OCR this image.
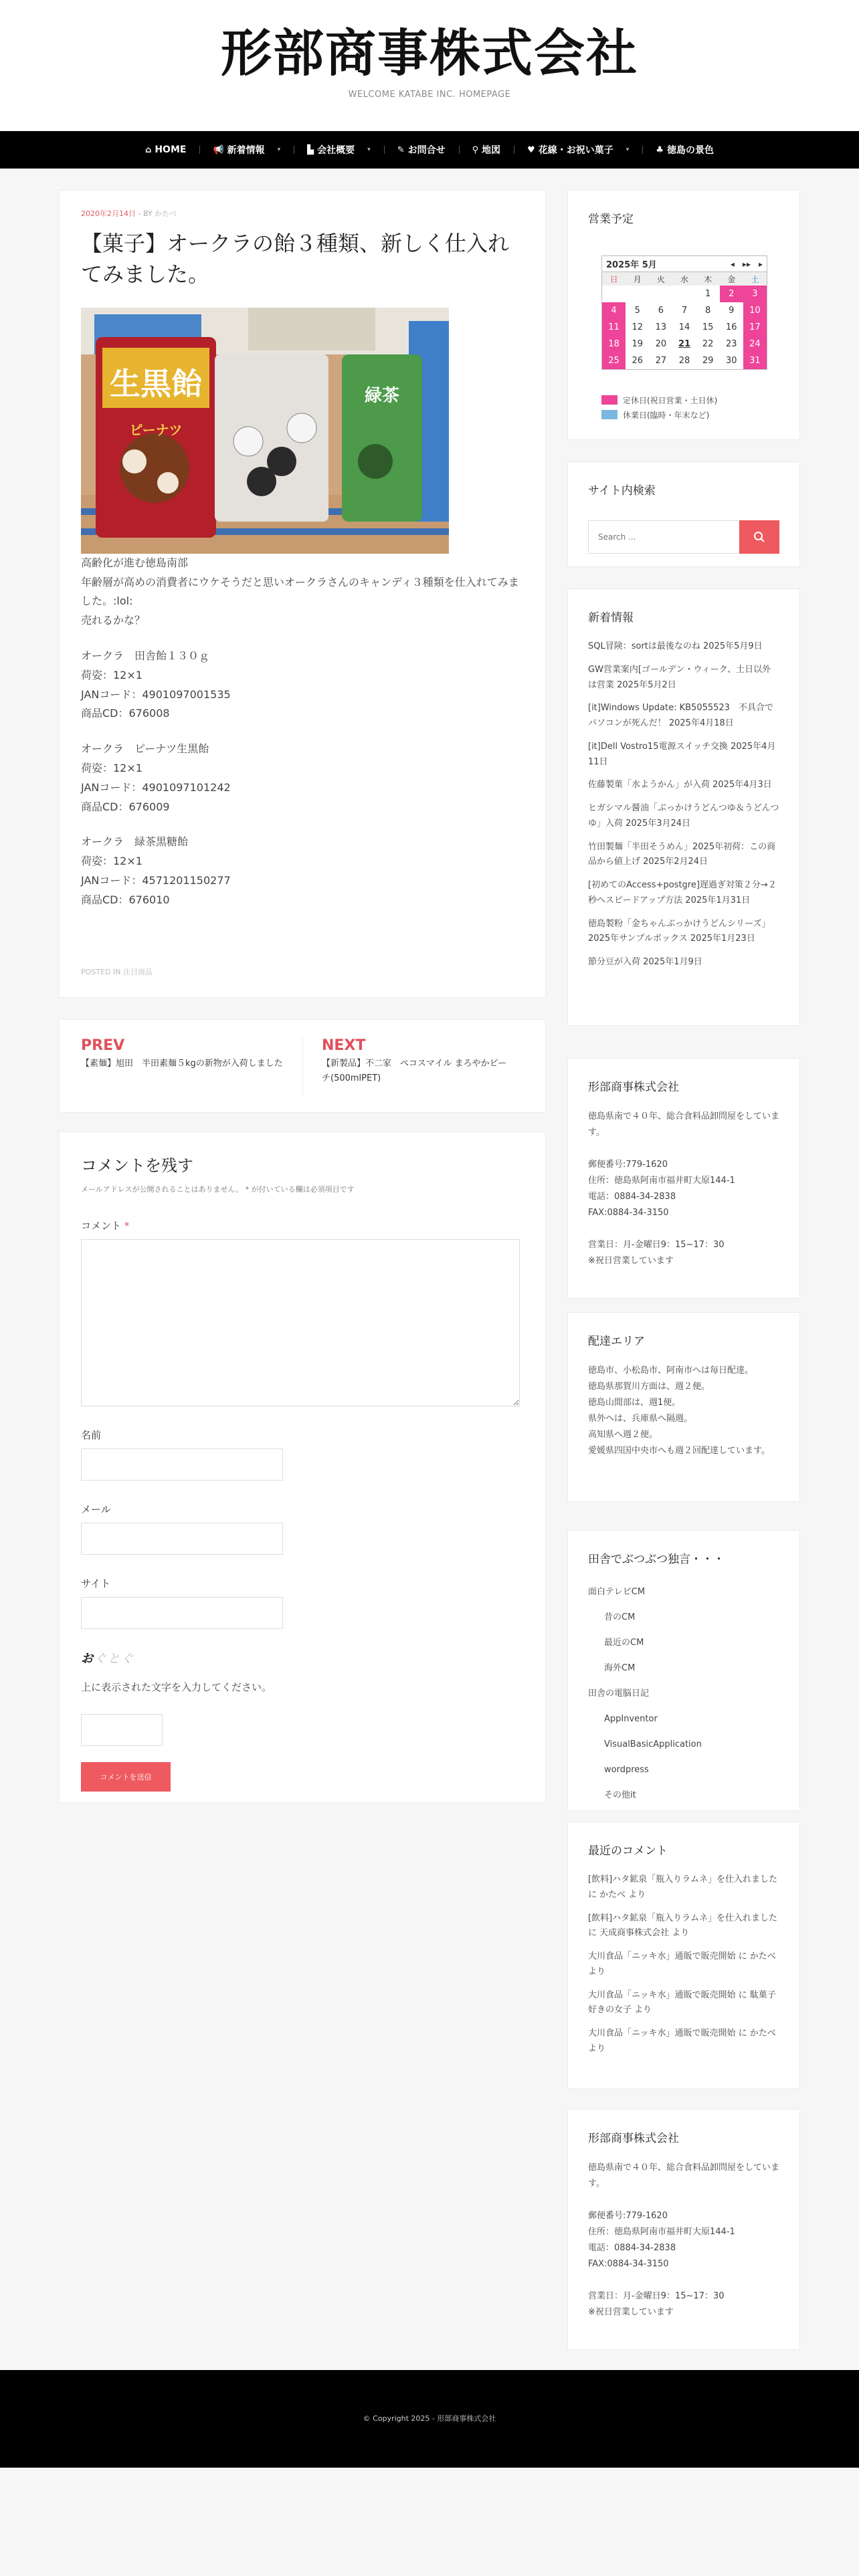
形部商事株式会社
WELCOME KATABE INC. HOMEPAGE
⌂ HOME	📢 新着情報 ▾	▙ 会社概要 ▾	✎ お問合せ	⚲ 地図	♥ 花線・お祝い菓子 ▾	♣ 徳島の景色
2020年2月14日 - BY かたべ
【菓子】オークラの飴３種類、新しく仕入れてみました。
生黒飴
ピーナツ
緑茶

高齢化が進む徳島南部
年齢層が高めの消費者にウケそうだと思いオークラさんのキャンディ３種類を仕入れてみました。:lol:
売れるかな？

オークラ　田舎飴１３０ｇ
荷姿：12×1
JANコード：4901097001535
商品CD：676008

オークラ　ピーナツ生黒飴
荷姿：12×1
JANコード：4901097101242
商品CD：676009

オークラ　緑茶黒糖飴
荷姿：12×1
JANコード：4571201150277
商品CD：676010

POSTED IN 注目商品
PREV
【素麺】旭田　半田素麺５kgの新物が入荷しました
NEXT
【新製品】不二家　ペコスマイル まろやかピーチ(500mlPET)
コメントを残す

メールアドレスが公開されることはありません。 * が付いている欄は必須項目です

コメント *
名前
メール
サイト
おぐとぐ
上に表示された文字を入力してください。
コメントを送信
営業予定
2025年 5月	◂ ▸▸ ▸
日	月	火	水	木	金	土
				1	2	3
4	5	6	7	8	9	10
11	12	13	14	15	16	17
18	19	20	21	22	23	24
25	26	27	28	29	30	31
定休日(祝日営業・土日休)
休業日(臨時・年末など)
サイト内検索
Search ...
新着情報
SQL冒険：sortは最後なのね 2025年5月9日
GW営業案内[ゴールデン・ウィーク、土日以外は営業 2025年5月2日
[it]Windows Update: KB5055523　不具合でパソコンが死んだ！ 2025年4月18日
[it]Dell Vostro15電源スイッチ交換 2025年4月11日
佐藤製菓「水ようかん」が入荷 2025年4月3日
ヒガシマル醤油「ぶっかけうどんつゆ＆うどんつゆ」入荷 2025年3月24日
竹田製麺「半田そうめん」2025年初荷：この商品から値上げ 2025年2月24日
[初めてのAccess+postgre]遅過ぎ対策２分→２秒へスピードアップ方法 2025年1月31日
徳島製粉「金ちゃんぶっかけうどんシリーズ」2025年サンプルボックス 2025年1月23日
節分豆が入荷 2025年1月9日
形部商事株式会社
徳島県南で４０年、総合食料品卸問屋をしています。
郵便番号:779-1620
住所：徳島県阿南市福井町大原144-1
電話：0884-34-2838
FAX:0884-34-3150
営業日：月-金曜日9：15~17：30
※祝日営業しています
配達エリア
徳島市、小松島市、阿南市へは毎日配達。
徳島県那賀川方面は、週２便。
徳島山間部は、週1便。
県外へは、兵庫県へ隔週。
高知県へ週２便。
愛媛県四国中央市へも週２回配達しています。
田舎でぶつぶつ独言・・・
面白テレビCM
昔のCM
最近のCM
海外CM
田舎の電脳日記
AppInventor
VisualBasicApplication
wordpress
その他it
最近のコメント
[飲料]ハタ鉱泉「瓶入りラムネ」を仕入れました に かたべ より
[飲料]ハタ鉱泉「瓶入りラムネ」を仕入れました に 天成商事株式会社 より
大川食品「ニッキ水」通販で販売開始 に かたべ より
大川食品「ニッキ水」通販で販売開始 に 駄菓子好きの女子 より
大川食品「ニッキ水」通販で販売開始 に かたべ より
形部商事株式会社
徳島県南で４０年、総合食料品卸問屋をしています。
郵便番号:779-1620
住所：徳島県阿南市福井町大原144-1
電話：0884-34-2838
FAX:0884-34-3150
営業日：月-金曜日9：15~17：30
※祝日営業しています
© Copyright 2025 - 形部商事株式会社
